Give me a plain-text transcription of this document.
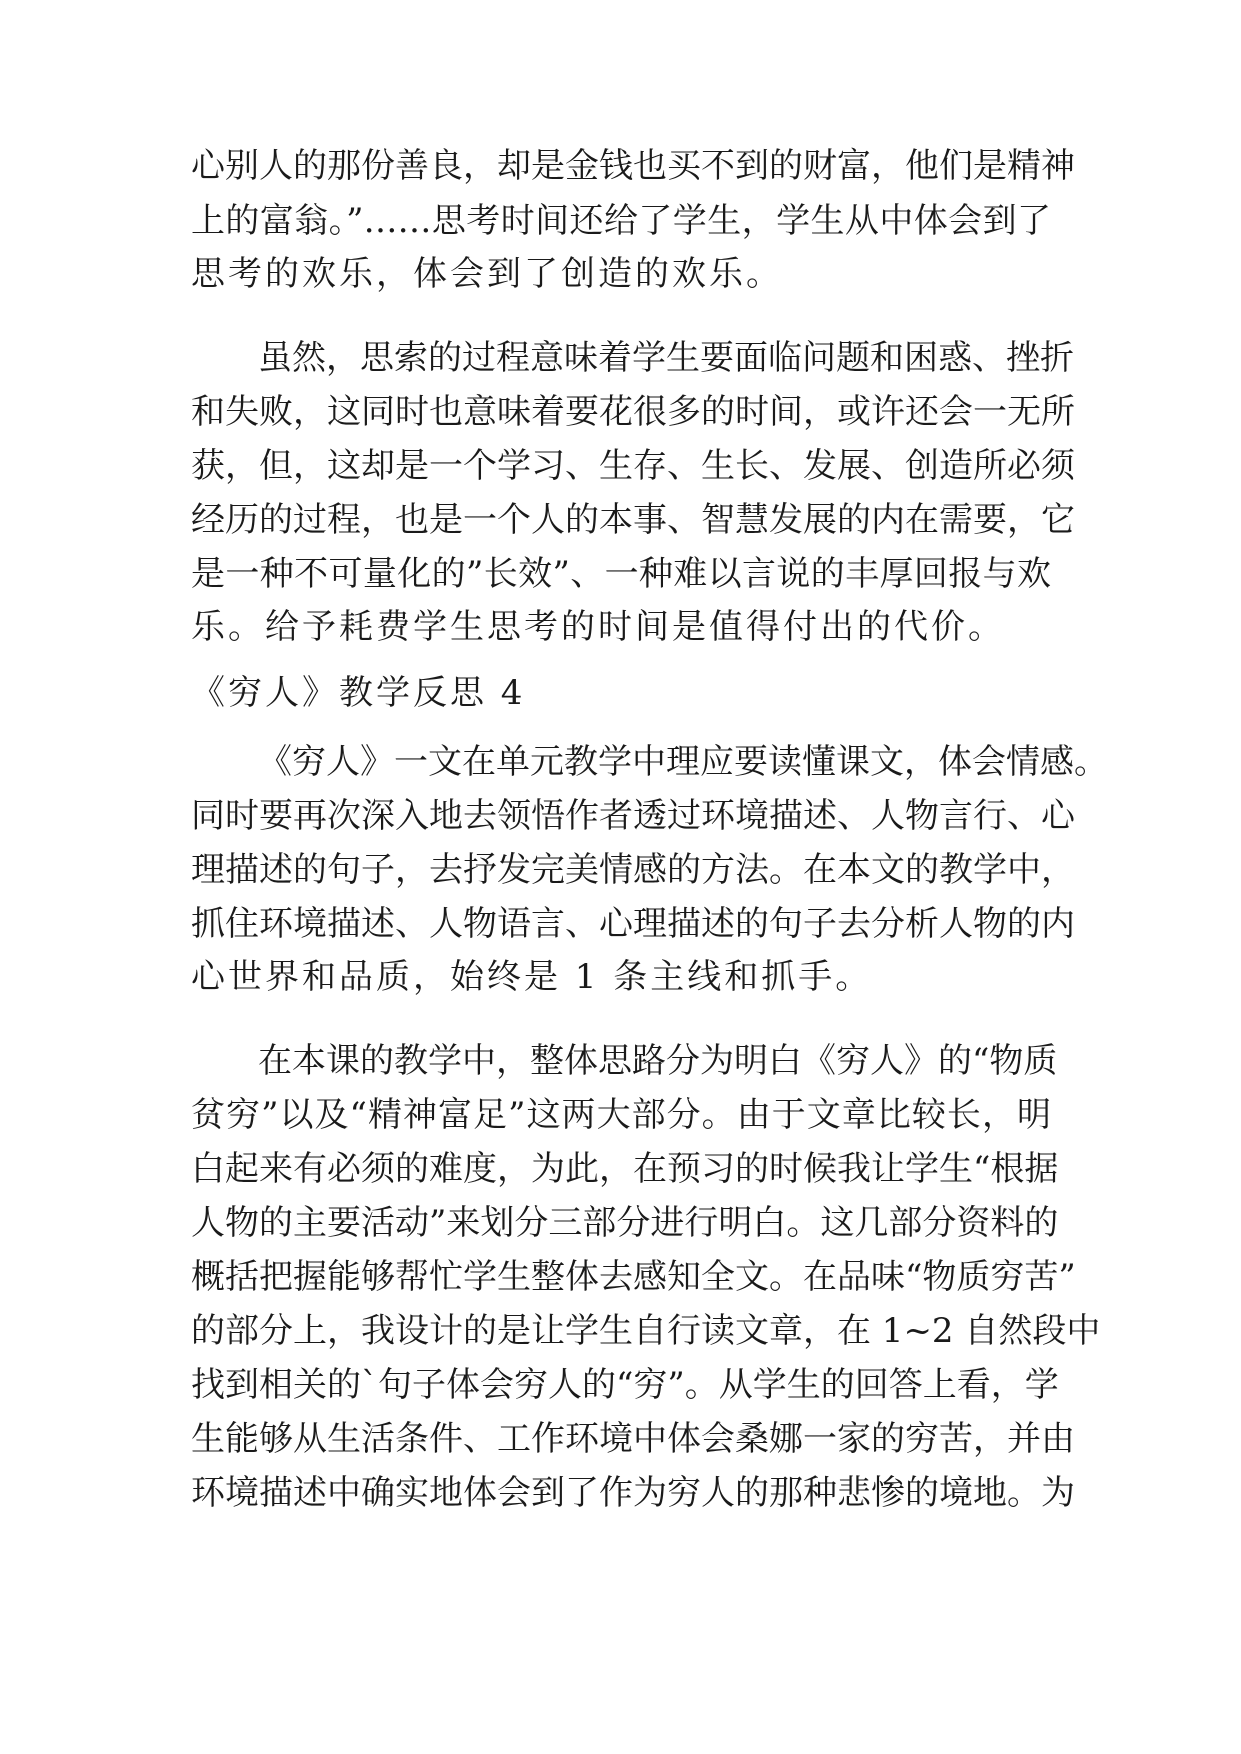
心别人的那份善良，却是金钱也买不到的财富，他们是精神

上的富翁。”……思考时间还给了学生，学生从中体会到了

思考的欢乐，体会到了创造的欢乐。

虽然，思索的过程意味着学生要面临问题和困惑、挫折

和失败，这同时也意味着要花很多的时间，或许还会一无所

获，但，这却是一个学习、生存、生长、发展、创造所必须

经历的过程，也是一个人的本事、智慧发展的内在需要，它

是一种不可量化的”长效”、一种难以言说的丰厚回报与欢

乐。给予耗费学生思考的时间是值得付出的代价。

《穷人》教学反思 4

《穷人》一文在单元教学中理应要读懂课文，体会情感。

同时要再次深入地去领悟作者透过环境描述、人物言行、心

理描述的句子，去抒发完美情感的方法。在本文的教学中，

抓住环境描述、人物语言、心理描述的句子去分析人物的内

心世界和品质，始终是 1 条主线和抓手。

在本课的教学中，整体思路分为明白《穷人》的“物质

贫穷”以及“精神富足”这两大部分。由于文章比较长，明

白起来有必须的难度，为此，在预习的时候我让学生“根据

人物的主要活动”来划分三部分进行明白。这几部分资料的

概括把握能够帮忙学生整体去感知全文。在品味“物质穷苦”

的部分上，我设计的是让学生自行读文章，在 1~2 自然段中

找到相关的`句子体会穷人的“穷”。从学生的回答上看，学

生能够从生活条件、工作环境中体会桑娜一家的穷苦，并由

环境描述中确实地体会到了作为穷人的那种悲惨的境地。为
